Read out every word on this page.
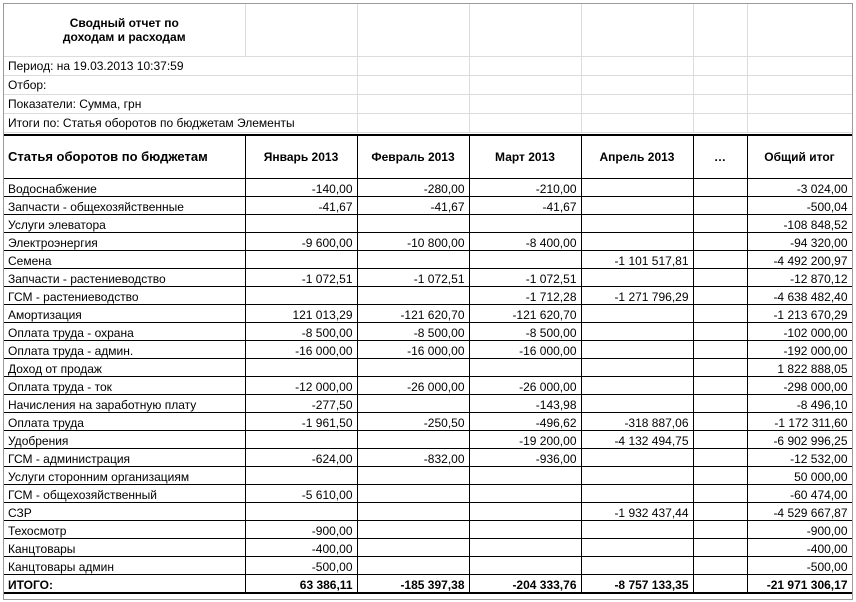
Сводный отчет по
доходам и расходам						

Период: на 19.03.2013 10:37:59						
Отбор:						
Показатели: Сумма, грн						
Итоги по: Статья оборотов по бюджетам Элементы						

Статья оборотов по бюджетам	Январь 2013	Февраль 2013	Март 2013	Апрель 2013	…	Общий итог
Водоснабжение	-140,00	-280,00	-210,00			-3 024,00
Запчасти - общехозяйственные	-41,67	-41,67	-41,67			-500,04
Услуги элеватора						-108 848,52
Электроэнергия	-9 600,00	-10 800,00	-8 400,00			-94 320,00
Семена				-1 101 517,81		-4 492 200,97
Запчасти - растениеводство	-1 072,51	-1 072,51	-1 072,51			-12 870,12
ГСМ - растениеводство			-1 712,28	-1 271 796,29		-4 638 482,40
Амортизация	121 013,29	-121 620,70	-121 620,70			-1 213 670,29
Оплата труда - охрана	-8 500,00	-8 500,00	-8 500,00			-102 000,00
Оплата труда - админ.	-16 000,00	-16 000,00	-16 000,00			-192 000,00
Доход от продаж						1 822 888,05
Оплата труда - ток	-12 000,00	-26 000,00	-26 000,00			-298 000,00
Начисления на заработную плату	-277,50		-143,98			-8 496,10
Оплата труда	-1 961,50	-250,50	-496,62	-318 887,06		-1 172 311,60
Удобрения			-19 200,00	-4 132 494,75		-6 902 996,25
ГСМ - администрация	-624,00	-832,00	-936,00			-12 532,00
Услуги сторонним организациям						50 000,00
ГСМ - общехозяйственный	-5 610,00					-60 474,00
СЗР				-1 932 437,44		-4 529 667,87
Техосмотр	-900,00					-900,00
Канцтовары	-400,00					-400,00
Канцтовары админ	-500,00					-500,00
ИТОГО:	63 386,11	-185 397,38	-204 333,76	-8 757 133,35		-21 971 306,17
